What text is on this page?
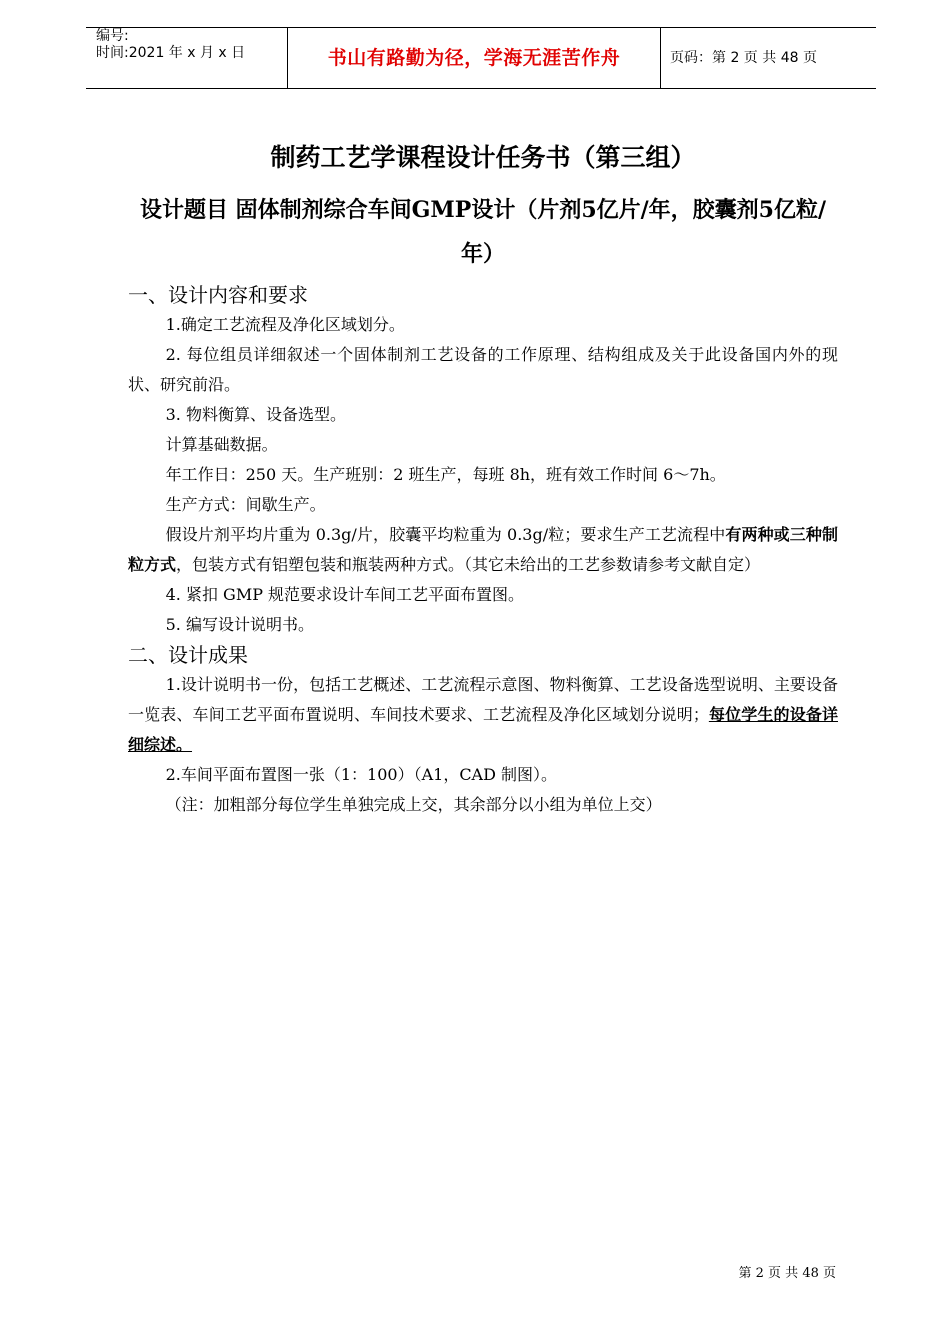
编号:
时间:2021 年 x 月 x 日	书山有路勤为径，学海无涯苦作舟	页码：第 2 页 共 48 页
制药工艺学课程设计任务书（第三组）
设计题目 固体制剂综合车间GMP设计（片剂5亿片/年，胶囊剂5亿粒/年）
一、设计内容和要求

1.确定工艺流程及净化区域划分。

2. 每位组员详细叙述一个固体制剂工艺设备的工作原理、结构组成及关于此设备国内外的现状、研究前沿。

3. 物料衡算、设备选型。

计算基础数据。

年工作日：250 天。生产班别：2 班生产，每班 8h，班有效工作时间 6～7h。

生产方式：间歇生产。

假设片剂平均片重为 0.3g/片，胶囊平均粒重为 0.3g/粒；要求生产工艺流程中有两种或三种制粒方式，包装方式有铝塑包装和瓶装两种方式。（其它未给出的工艺参数请参考文献自定）

4. 紧扣 GMP 规范要求设计车间工艺平面布置图。

5. 编写设计说明书。

二、设计成果

1.设计说明书一份，包括工艺概述、工艺流程示意图、物料衡算、工艺设备选型说明、主要设备一览表、车间工艺平面布置说明、车间技术要求、工艺流程及净化区域划分说明；每位学生的设备详细综述。

2.车间平面布置图一张（1：100）（A1，CAD 制图）。

（注：加粗部分每位学生单独完成上交，其余部分以小组为单位上交）

第 2 页 共 48 页
